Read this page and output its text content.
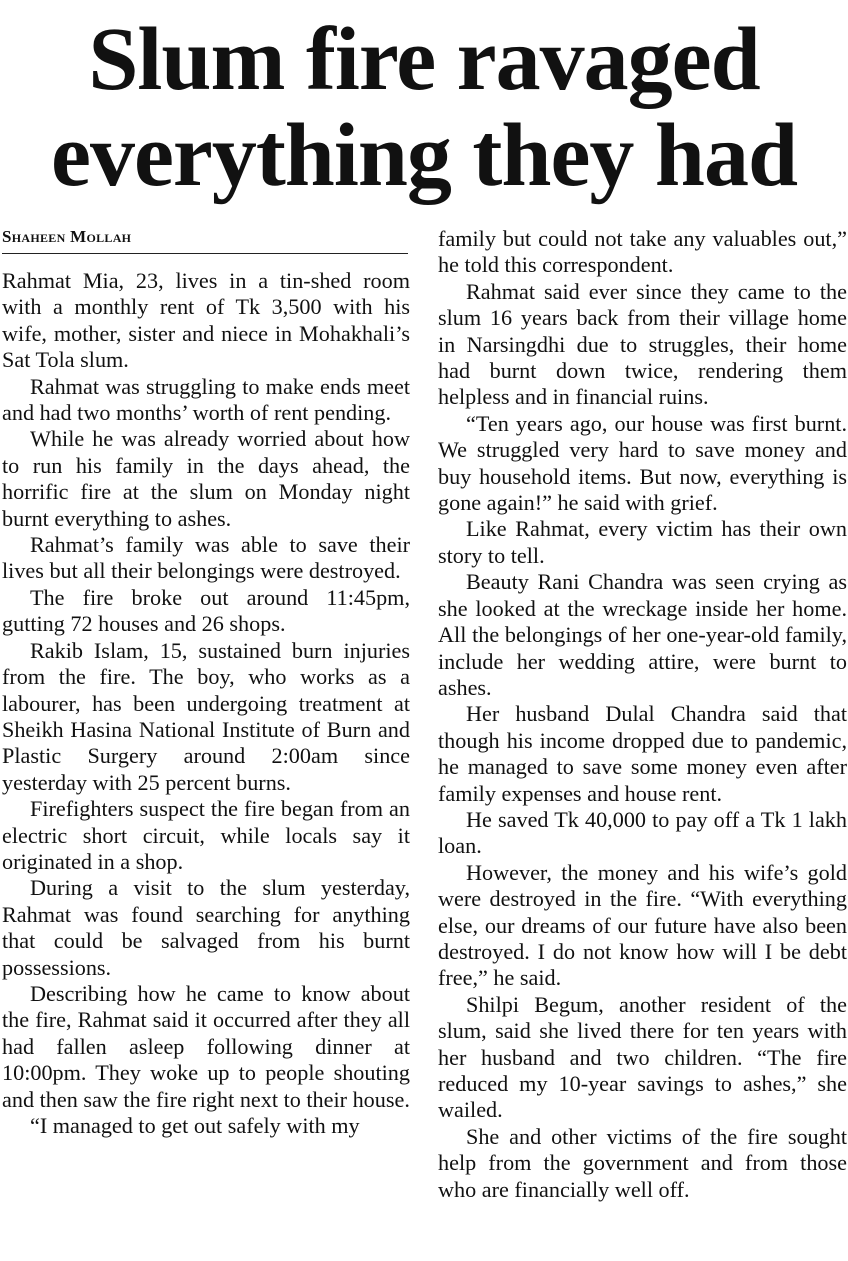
Slum fire ravaged
everything they had
Shaheen Mollah

Rahmat Mia, 23, lives in a tin-shed room with a monthly rent of Tk 3,500 with his wife, mother, sister and niece in Mohakhali’s Sat Tola slum.

Rahmat was struggling to make ends meet and had two months’ worth of rent pending.

While he was already worried about how to run his family in the days ahead, the horrific fire at the slum on Monday night burnt everything to ashes.

Rahmat’s family was able to save their lives but all their belongings were destroyed.

The fire broke out around 11:45pm, gutting 72 houses and 26 shops.

Rakib Islam, 15, sustained burn injuries from the fire. The boy, who works as a labourer, has been undergoing treatment at Sheikh Hasina National Institute of Burn and Plastic Surgery around 2:00am since yesterday with 25 percent burns.

Firefighters suspect the fire began from an electric short circuit, while locals say it originated in a shop.

During a visit to the slum yesterday, Rahmat was found searching for anything that could be salvaged from his burnt possessions.

Describing how he came to know about the fire, Rahmat said it occurred after they all had fallen asleep following dinner at 10:00pm. They woke up to people shouting and then saw the fire right next to their house.

“I managed to get out safely with my

family but could not take any valuables out,” he told this correspondent.

Rahmat said ever since they came to the slum 16 years back from their village home in Narsingdhi due to struggles, their home had burnt down twice, rendering them helpless and in financial ruins.

“Ten years ago, our house was first burnt. We struggled very hard to save money and buy household items. But now, everything is gone again!” he said with grief.

Like Rahmat, every victim has their own story to tell.

Beauty Rani Chandra was seen crying as she looked at the wreckage inside her home. All the belongings of her one-year-old family, include her wedding attire, were burnt to ashes.

Her husband Dulal Chandra said that though his income dropped due to pandemic, he managed to save some money even after family expenses and house rent.

He saved Tk 40,000 to pay off a Tk 1 lakh loan.

However, the money and his wife’s gold were destroyed in the fire. “With everything else, our dreams of our future have also been destroyed. I do not know how will I be debt free,” he said.

Shilpi Begum, another resident of the slum, said she lived there for ten years with her husband and two children. “The fire reduced my 10-year savings to ashes,” she wailed.

She and other victims of the fire sought help from the government and from those who are financially well off.
